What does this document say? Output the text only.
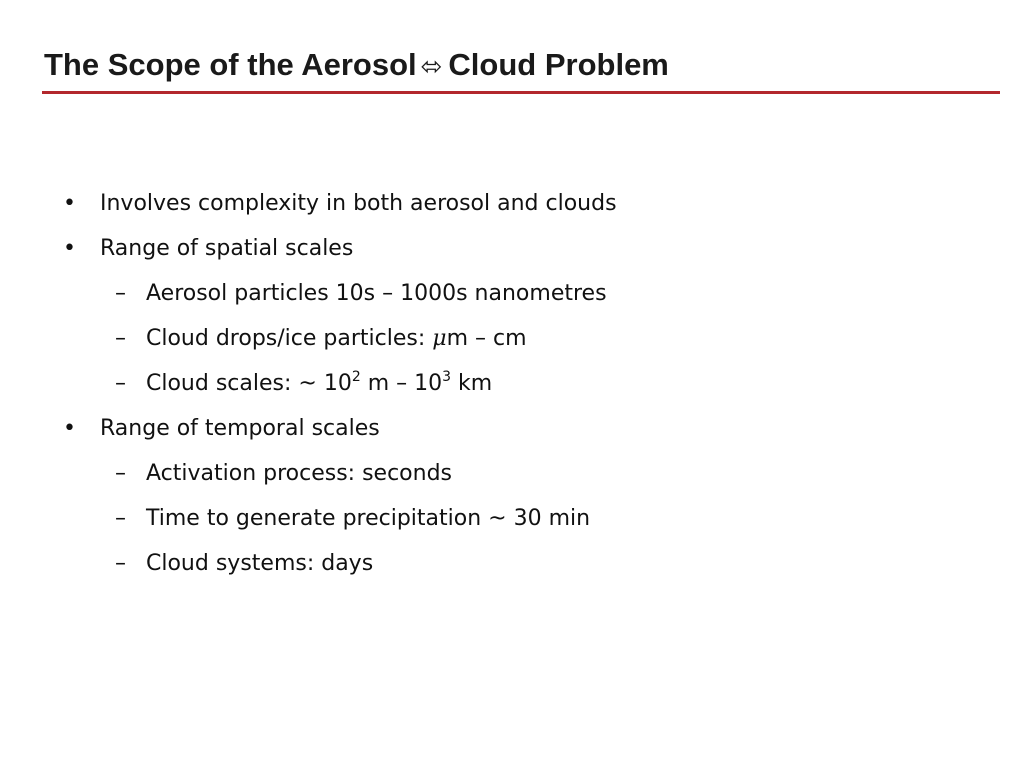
The Scope of the Aerosol ⬄ Cloud Problem
• Involves complexity in both aerosol and clouds
• Range of spatial scales
– Aerosol particles 10s – 1000s nanometres
– Cloud drops/ice particles: μm – cm
– Cloud scales: ~ $10^2$ m – $10^3$ km
• Range of temporal scales
– Activation process: seconds
– Time to generate precipitation ~ 30 min
– Cloud systems: days
